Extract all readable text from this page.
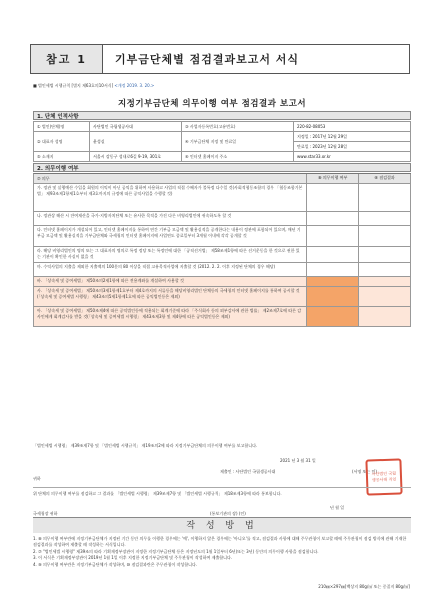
참고 1	기부금단체별 점검결과보고서 서식
■ 법인세법 시행규칙 [별지 제63호의10서식] <개정 2019. 3. 20.>
지정기부금단체 의무이행 여부 점검결과 보고서
1. 단체 인적사항
① 법인(단체)명	사단법인 국립생공사대	③ 사업자등록번호(고유번호)	220-82-08053
② 대표자 성명	윤성실	④ 기부금단체 지정 및 만료일	지정일 : 2017년 12월 29일
			만료일 : 2023년 12월 28일
⑤ 소재지	서울시 강동구 성내로6길 9-19, 301호	⑥ 인터넷 홈페이지 주소	www.star33.or.kr
2. 의무이행 여부
⑦ 의무	⑧ 의무이행 여부	⑨ 점검결과
가. 정관 및 실행예산 수입을 회원의 이익이 아닌 공익을 위하여 사용하고 사업의 직접 수혜자가 불특정 다수일 것(사회적협동조합의 경우 「협동조합기본법」 제93조제1항제1호부터 제3호까지의 규정에 따른 공익사업을 수행할 것)
나. 정관상 해산 시 잔여재산을 국가·지방자치단체 또는 유사한 목적을 가진 다른 비영리법인에 귀속하도록 할 것
다. 인터넷 홈페이지가 개설되어 있고, 인터넷 홈페이지를 통하여 연간 기부금 모금액 및 활용실적을 공개한다는 내용이 정관에 포함되어 있으며, 매년 기부금 모금액 및 활용실적을 기부금단체와 국세청의 인터넷 홈페이지에 사업연도 종료일부터 3개월 이내에 각각 공개할 것
라. 해당 비영리법인의 명의 또는 그 대표자의 명의로 특정 정당 또는 특정인에 대한 「공직선거법」 제58조제1항에 따른 선거운동을 한 것으로 권한 있는 기관이 확인한 사실이 없을 것
마. 수익사업의 지출을 제외한 지출액의 100분의 80 이상을 직접 고유목적사업에 지출할 것 (2012. 2. 2. 이후 지정된 단체의 경우 해당)
바. 「상속세 및 증여세법」 제50조의2제1항에 따른 전용계좌를 개설하여 사용할 것
사. 「상속세 및 증여세법」 제50조의3제1항제1호부터 제4호까지의 서류등을 해당비영리법인 단체등의 국세청의 인터넷 홈페이지를 통하여 공시할 것(「상속세 및 증여세법 시행령」 제43조의5제1항제1호에 따른 공익법인등은 제외)
아. 「상속세 및 증여세법」 제50조제4에 따른 공익법인등에 적용되는 회계기준에 따라 「주식회사 등의 외부감사에 관한 법률」 제2조제7호에 따른 감사인에게 회계감사를 받을 것(「상속세 및 증여세법 시행령」 제43조제3항 및 제4항에 따른 공익법인등은 제외)
「법인세법 시행령」 제39조제7항 및 「법인세법 시행규칙」 제19조의2에 따라 지정기부금단체의 의무이행 여부를 보고합니다.
2021 년 3 월 31 일
제출인 : 사단법인 국립생공사대	(서명 또는 인)
귀하
사단법인 국립생공사대 직인
위 단체의 의무이행 여부를 점검하고 그 결과를 「법인세법 시행령」 제39조제7항 및 「법인세법 시행규칙」 제18조제3항에 따라 통보합니다.
년 월 일
(통보기관의 장) (인)
국세청장 귀하
작 성 방 법
1. ⑧ 의무이행 여부란에 지정기부금단체가 지정된 기간 동안 의무를 이행한 경우에는 '예', 이행하지 않은 경우에는 '아니오'를 적고, 점검결과 사항에 대해 주무관청이 보고할 때에 주무관청이 점검 방식에 관해 기재한 점검결과를 작성하여 제출할 때 작성하는 서식입니다.
2. ⑦ "법인세법 시행령" 제39조의 따라 기획재정부장관이 지정한 지정기부금단체 등은 지정년도의 1월 1일부터 6년(또는 3년) 동안의 의무이행 사항을 점검합니다.
3. 이 서식은 기획재정부장관이 2019년 1월 1일 이후 지정한 지정기부금단체 및 주무관청이 작성하여 제출합니다.
4. ⑨ 의무이행 여부란은 지정기부금단체가 작성하며, ⑩ 점검결과란은 주무관청이 작성합니다.
210㎜×297㎜[백상지 80g/㎡ 또는 중질지 80g/㎡]
